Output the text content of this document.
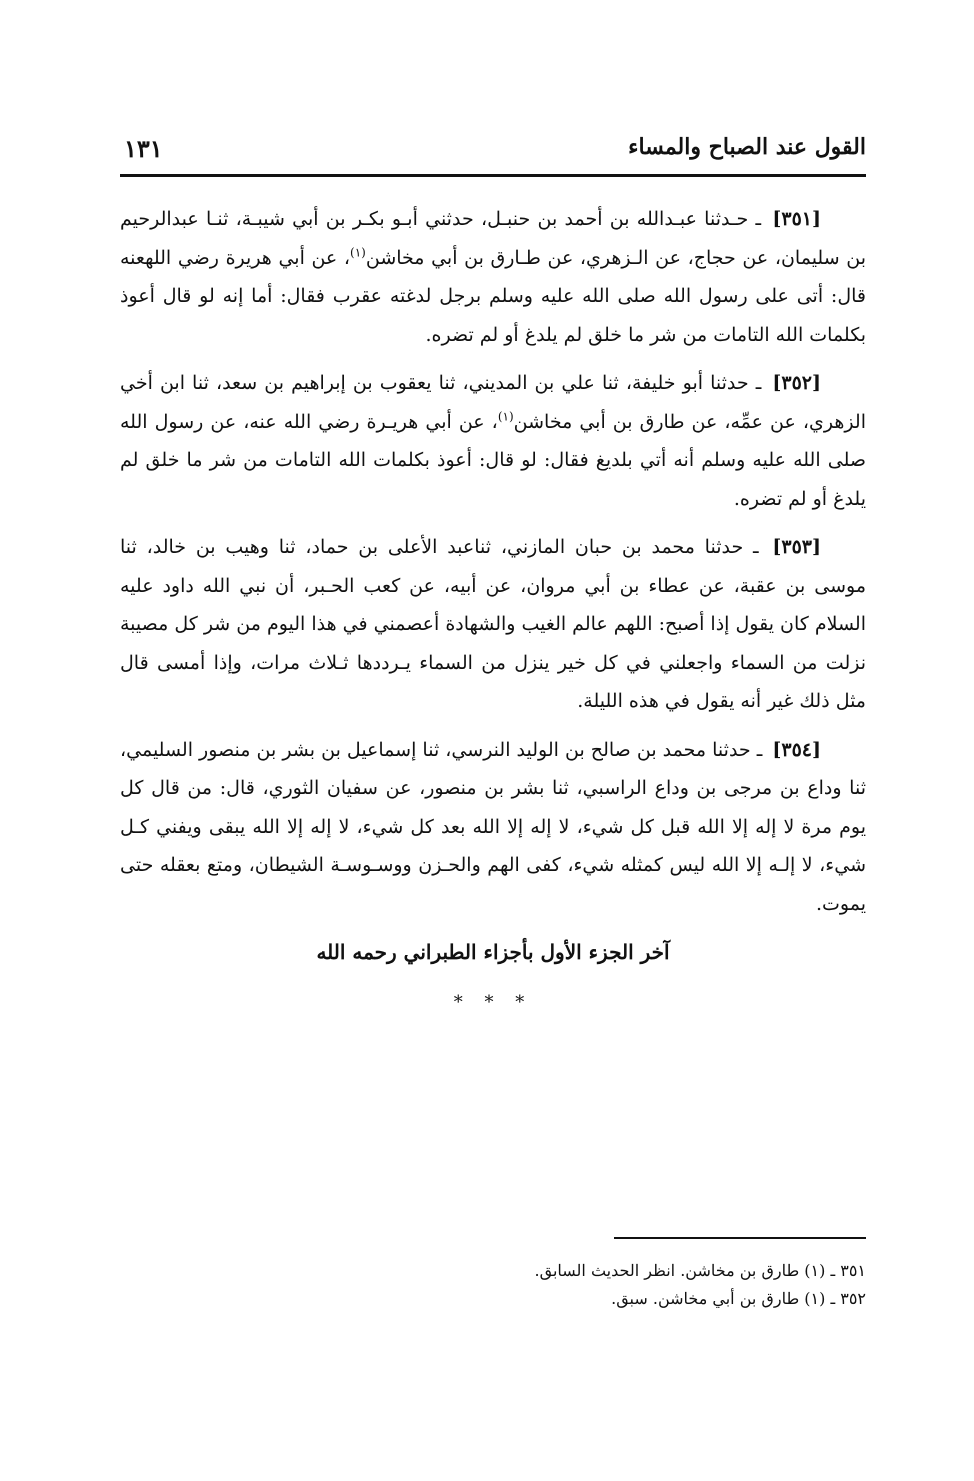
القول عند الصباح والمساء
١٣١

[٣٥١] ـ حـدثنا عبـدالله بن أحمد بن حنبـل، حدثني أبـو بكـر بن أبي شيبـة، ثنـا عبدالرحيم بن سليمان، عن حجاج، عن الـزهري، عن طـارق بن أبي مخاشن$^{(١)}$، عن أبي هريرة رضي اللهعنه قال: أتى على رسول الله صلى الله عليه وسلم برجل لدغته عقرب فقال: أما إنه لو قال أعوذ بكلمات الله التامات من شر ما خلق لم يلدغ أو لم تضره.

[٣٥٢] ـ حدثنا أبو خليفة، ثنا علي بن المديني، ثنا يعقوب بن إبراهيم بن سعد، ثنا ابن أخي الزهري، عن عمِّه، عن طارق بن أبي مخاشن$^{(١)}$، عن أبي هريـرة رضي الله عنه، عن رسول الله صلى الله عليه وسلم أنه أتي بلديغ فقال: لو قال: أعوذ بكلمات الله التامات من شر ما خلق لم يلدغ أو لم تضره.

[٣٥٣] ـ حدثنا محمد بن حبان المازني، ثناعبد الأعلى بن حماد، ثنا وهيب بن خالد، ثنا موسى بن عقبة، عن عطاء بن أبي مروان، عن أبيه، عن كعب الحـبر، أن نبي الله داود عليه السلام كان يقول إذا أصبح: اللهم عالم الغيب والشهادة أعصمني في هذا اليوم من شر كل مصيبة نزلت من السماء واجعلني في كل خير ينزل من السماء يـرددها ثـلاث مرات، وإذا أمسى قال مثل ذلك غير أنه يقول في هذه الليلة.

[٣٥٤] ـ حدثنا محمد بن صالح بن الوليد النرسي، ثنا إسماعيل بن بشر بن منصور السليمي، ثنا وداع بن مرجى بن وداع الراسبي، ثنا بشر بن منصور، عن سفيان الثوري، قال: من قال كل يوم مرة لا إله إلا الله قبل كل شيء، لا إله إلا الله بعد كل شيء، لا إله إلا الله يبقى ويفني كـل شيء، لا إلـه إلا الله ليس كمثله شيء، كفى الهم والحـزن ووسـوسـة الشيطان، ومتع بعقله حتى يموت.

آخر الجزء الأول بأجزاء الطبراني رحمه الله
* * *
٣٥١ ـ (١) طارق بن مخاشن. انظر الحديث السابق.
٣٥٢ ـ (١) طارق بن أبي مخاشن. سبق.
